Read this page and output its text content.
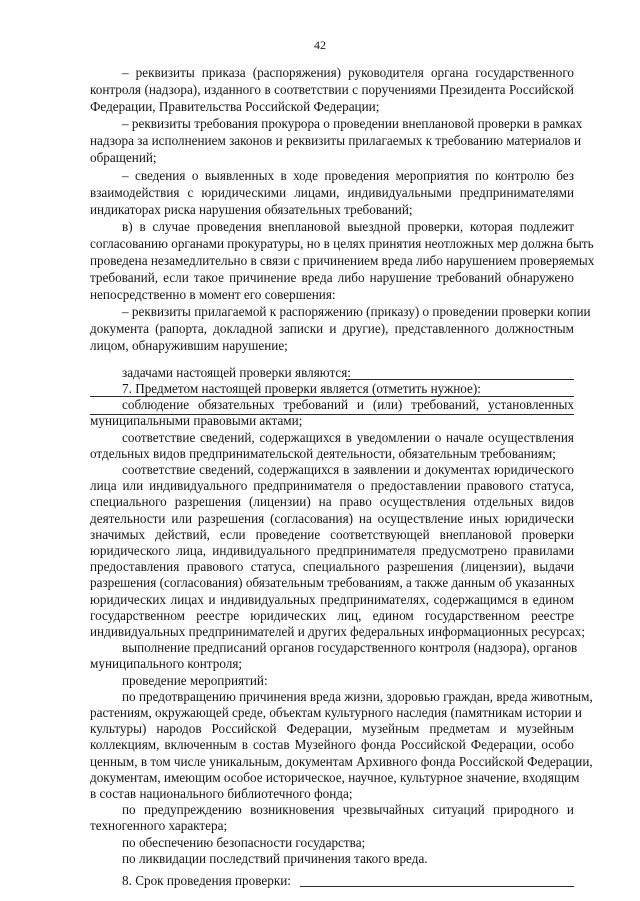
42

– реквизиты приказа (распоряжения) руководителя органа государственного

контроля (надзора), изданного в соответствии с поручениями Президента Российской

Федерации, Правительства Российской Федерации;

– реквизиты требования прокурора о проведении внеплановой проверки в рамках

надзора за исполнением законов и реквизиты прилагаемых к требованию материалов и

обращений;

– сведения о выявленных в ходе проведения мероприятия по контролю без

взаимодействия с юридическими лицами, индивидуальными предпринимателями

индикаторах риска нарушения обязательных требований;

в) в случае проведения внеплановой выездной проверки, которая подлежит

согласованию органами прокуратуры, но в целях принятия неотложных мер должна быть

проведена незамедлительно в связи с причинением вреда либо нарушением проверяемых

требований, если такое причинение вреда либо нарушение требований обнаружено

непосредственно в момент его совершения:

– реквизиты прилагаемой к распоряжению (приказу) о проведении проверки копии

документа (рапорта, докладной записки и другие), представленного должностным

лицом, обнаружившим нарушение;

задачами настоящей проверки являются:

7. Предметом настоящей проверки является (отметить нужное):

соблюдение обязательных требований и (или) требований, установленных

муниципальными правовыми актами;

соответствие сведений, содержащихся в уведомлении о начале осуществления

отдельных видов предпринимательской деятельности, обязательным требованиям;

соответствие сведений, содержащихся в заявлении и документах юридического

лица или индивидуального предпринимателя о предоставлении правового статуса,

специального разрешения (лицензии) на право осуществления отдельных видов

деятельности или разрешения (согласования) на осуществление иных юридически

значимых действий, если проведение соответствующей внеплановой проверки

юридического лица, индивидуального предпринимателя предусмотрено правилами

предоставления правового статуса, специального разрешения (лицензии), выдачи

разрешения (согласования) обязательным требованиям, а также данным об указанных

юридических лицах и индивидуальных предпринимателях, содержащимся в едином

государственном реестре юридических лиц, едином государственном реестре

индивидуальных предпринимателей и других федеральных информационных ресурсах;

выполнение предписаний органов государственного контроля (надзора), органов

муниципального контроля;

проведение мероприятий:

по предотвращению причинения вреда жизни, здоровью граждан, вреда животным,

растениям, окружающей среде, объектам культурного наследия (памятникам истории и

культуры) народов Российской Федерации, музейным предметам и музейным

коллекциям, включенным в состав Музейного фонда Российской Федерации, особо

ценным, в том числе уникальным, документам Архивного фонда Российской Федерации,

документам, имеющим особое историческое, научное, культурное значение, входящим

в состав национального библиотечного фонда;

по предупреждению возникновения чрезвычайных ситуаций природного и

техногенного характера;

по обеспечению безопасности государства;

по ликвидации последствий причинения такого вреда.

8. Срок проведения проверки:
